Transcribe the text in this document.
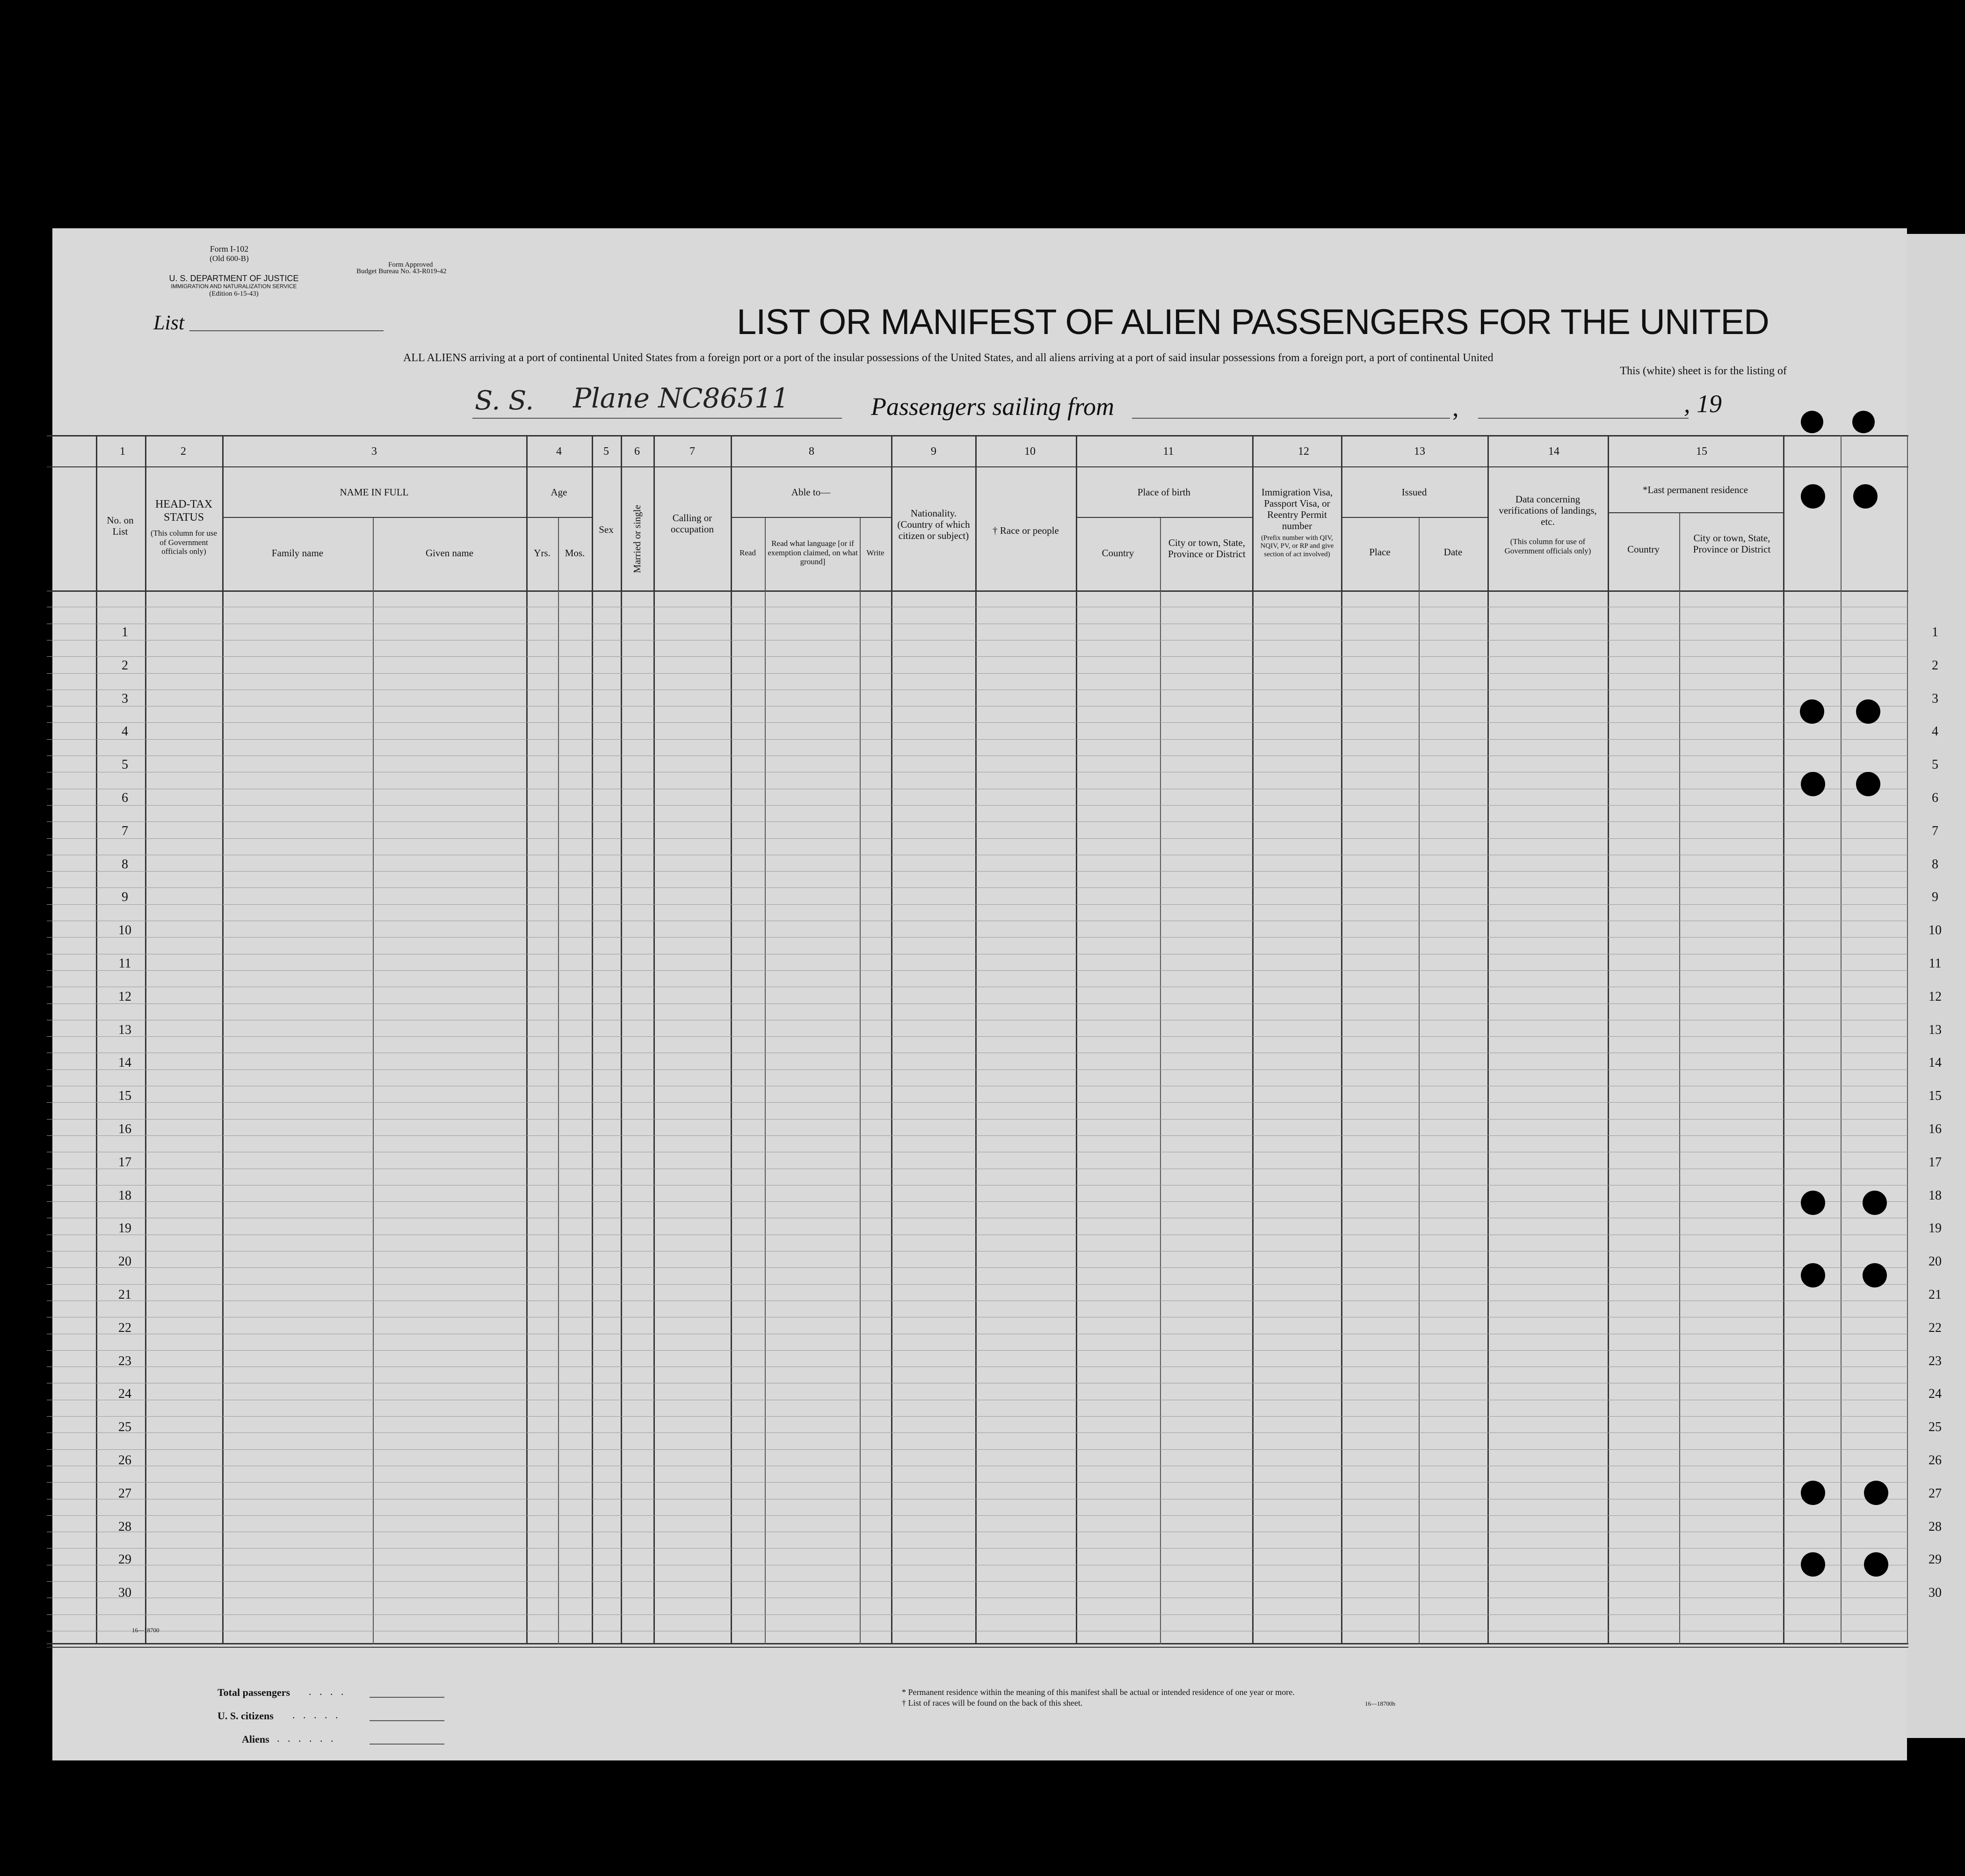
Form I-102
(Old 600-B)
U. S. DEPARTMENT OF JUSTICE
IMMIGRATION AND NATURALIZATION SERVICE
(Edition 6-15-43)
Form Approved
Budget Bureau No. 43-R019-42
List	LIST OR MANIFEST OF ALIEN PASSENGERS FOR THE UNITED
ALL ALIENS arriving at a port of continental United States from a foreign port or a port of the insular possessions of the United States, and all aliens arriving at a port of said insular possessions from a foreign port, a port of continental United
This (white) sheet is for the listing of
S. S. Plane NC86511	Passengers sailing from	,	, 19
1	2	3	4	5	6	7	8	9	10	11	12	13	14	15
No. on List
HEAD-TAX STATUS
(This column for use of Government officials only)
NAME IN FULL
Family name	Given name
Age
Yrs.	Mos.
Sex	Married or single	Calling or occupation
Able to—
Read
Read what language [or if exemption claimed, on what ground]
Write
Nationality. (Country of which citizen or subject)	† Race or people
Place of birth
Country
City or town, State, Province or District
Immigration Visa, Passport Visa, or Reentry Permit number
(Prefix number with QIV, NQIV, PV, or RP and give section of act involved)
Issued
Place	Date
Data concerning verifications of landings, etc.
(This column for use of Government officials only)
*Last permanent residence
Country
City or town, State, Province or District
1	1
2	2
3	3
4	4
5	5
6	6
7	7
8	8
9	9
10	10
11	11
12	12
13	13
14	14
15	15
16	16
17	17
18	18
19	19
20	20
21	21
22	22
23	23
24	24
25	25
26	26
27	27
28	28
29	29
30	30
16—18700
Total passengers . . . .
U. S. citizens . . . . .
Aliens . . . . . .
* Permanent residence within the meaning of this manifest shall be actual or intended residence of one year or more.
† List of races will be found on the back of this sheet.	16—18700b
